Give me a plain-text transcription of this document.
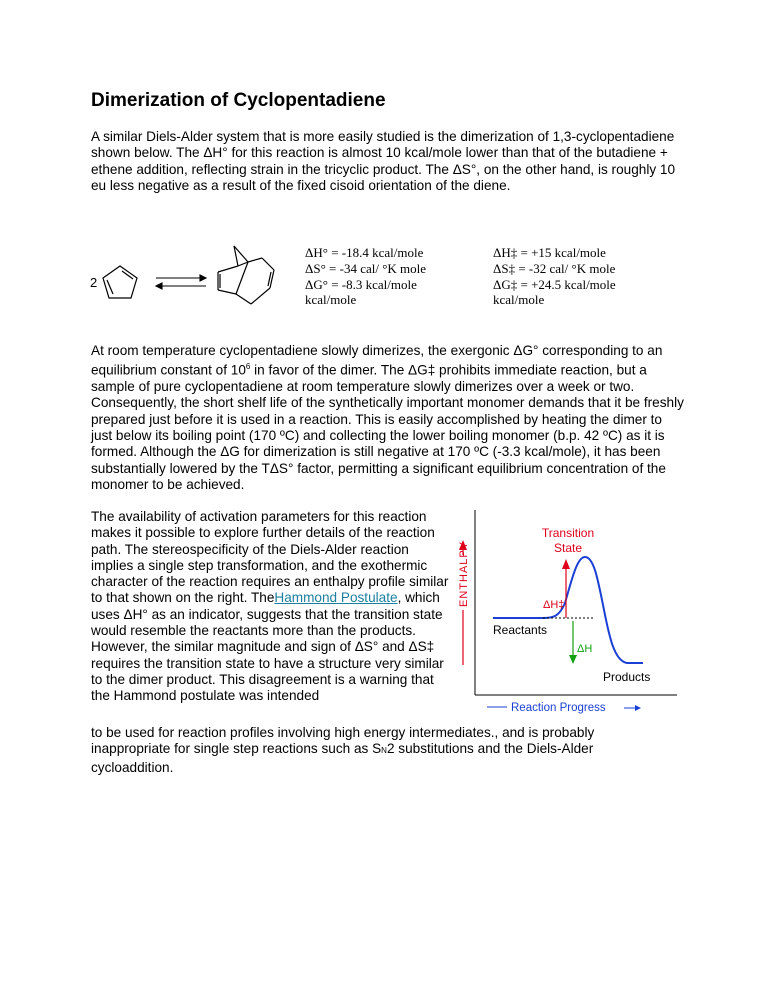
Dimerization of Cyclopentadiene

A similar Diels-Alder system that is more easily studied is the dimerization of 1,3-cyclopentadiene shown below. The ΔH° for this reaction is almost 10 kcal/mole lower than that of the butadiene + ethene addition, reflecting strain in the tricyclic product. The ΔS°, on the other hand, is roughly 10 eu less negative as a result of the fixed cisoid orientation of the diene.

2
ΔH° = -18.4 kcal/mole
ΔS° = -34 cal/ °K mole
ΔG° = -8.3 kcal/mole
kcal/mole
ΔH‡ = +15 kcal/mole
ΔS‡ = -32 cal/ °K mole
ΔG‡ = +24.5 kcal/mole
kcal/mole

At room temperature cyclopentadiene slowly dimerizes, the exergonic ΔG° corresponding to an equilibrium constant of $10^6$ in favor of the dimer. The ΔG‡ prohibits immediate reaction, but a sample of pure cyclopentadiene at room temperature slowly dimerizes over a week or two. Consequently, the short shelf life of the synthetically important monomer demands that it be freshly prepared just before it is used in a reaction. This is easily accomplished by heating the dimer to just below its boiling point (170 ºC) and collecting the lower boiling monomer (b.p. 42 ºC) as it is formed. Although the ΔG for dimerization is still negative at 170 ºC (-3.3 kcal/mole), it has been substantially lowered by the TΔS° factor, permitting a significant equilibrium concentration of the monomer to be achieved.

The availability of activation parameters for this reaction makes it possible to explore further details of the reaction path. The stereospecificity of the Diels-Alder reaction implies a single step transformation, and the exothermic character of the reaction requires an enthalpy profile similar to that shown on the right. TheHammond Postulate, which uses ΔH° as an indicator, suggests that the transition state would resemble the reactants more than the products. However, the similar magnitude and sign of ΔS° and ΔS‡ requires the transition state to have a structure very similar to the dimer product. This disagreement is a warning that the Hammond postulate was intended

to be used for reaction profiles involving high energy intermediates., and is probably inappropriate for single step reactions such as SN2 substitutions and the Diels-Alder cycloaddition.

ENTHALPY
Reaction Progress
ΔH‡
ΔH
Transition
State
Reactants
Products
